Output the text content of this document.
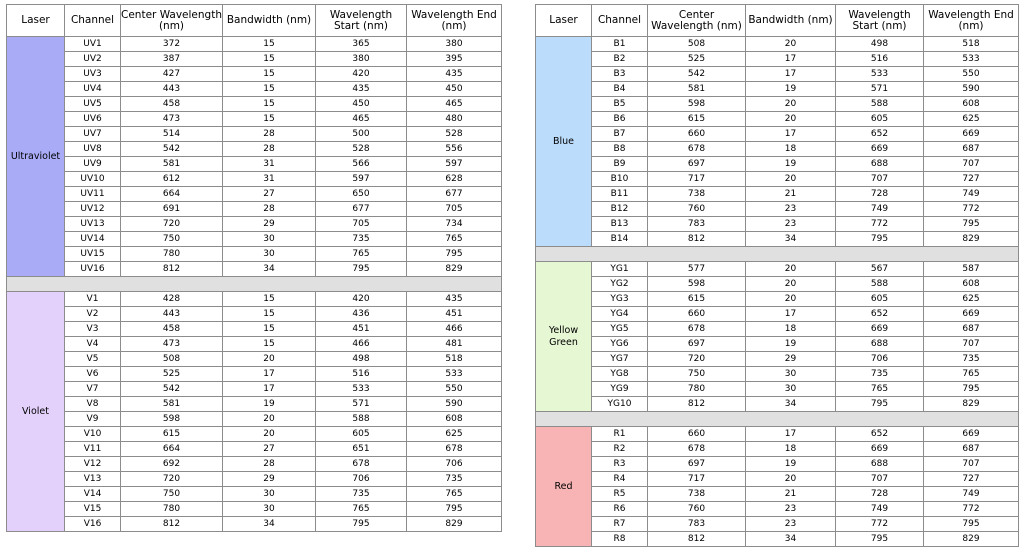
Laser	Channel	Center Wavelength (nm)	Bandwidth (nm)	Wavelength Start (nm)	Wavelength End (nm)
Ultraviolet	UV1	372	15	365	380
	UV2	387	15	380	395
	UV3	427	15	420	435
	UV4	443	15	435	450
	UV5	458	15	450	465
	UV6	473	15	465	480
	UV7	514	28	500	528
	UV8	542	28	528	556
	UV9	581	31	566	597
	UV10	612	31	597	628
	UV11	664	27	650	677
	UV12	691	28	677	705
	UV13	720	29	705	734
	UV14	750	30	735	765
	UV15	780	30	765	795
	UV16	812	34	795	829

Violet	V1	428	15	420	435
	V2	443	15	436	451
	V3	458	15	451	466
	V4	473	15	466	481
	V5	508	20	498	518
	V6	525	17	516	533
	V7	542	17	533	550
	V8	581	19	571	590
	V9	598	20	588	608
	V10	615	20	605	625
	V11	664	27	651	678
	V12	692	28	678	706
	V13	720	29	706	735
	V14	750	30	735	765
	V15	780	30	765	795
	V16	812	34	795	829
Laser	Channel	Center Wavelength (nm)	Bandwidth (nm)	Wavelength Start (nm)	Wavelength End (nm)
Blue	B1	508	20	498	518
	B2	525	17	516	533
	B3	542	17	533	550
	B4	581	19	571	590
	B5	598	20	588	608
	B6	615	20	605	625
	B7	660	17	652	669
	B8	678	18	669	687
	B9	697	19	688	707
	B10	717	20	707	727
	B11	738	21	728	749
	B12	760	23	749	772
	B13	783	23	772	795
	B14	812	34	795	829

Yellow Green	YG1	577	20	567	587
	YG2	598	20	588	608
	YG3	615	20	605	625
	YG4	660	17	652	669
	YG5	678	18	669	687
	YG6	697	19	688	707
	YG7	720	29	706	735
	YG8	750	30	735	765
	YG9	780	30	765	795
	YG10	812	34	795	829

Red	R1	660	17	652	669
	R2	678	18	669	687
	R3	697	19	688	707
	R4	717	20	707	727
	R5	738	21	728	749
	R6	760	23	749	772
	R7	783	23	772	795
	R8	812	34	795	829
